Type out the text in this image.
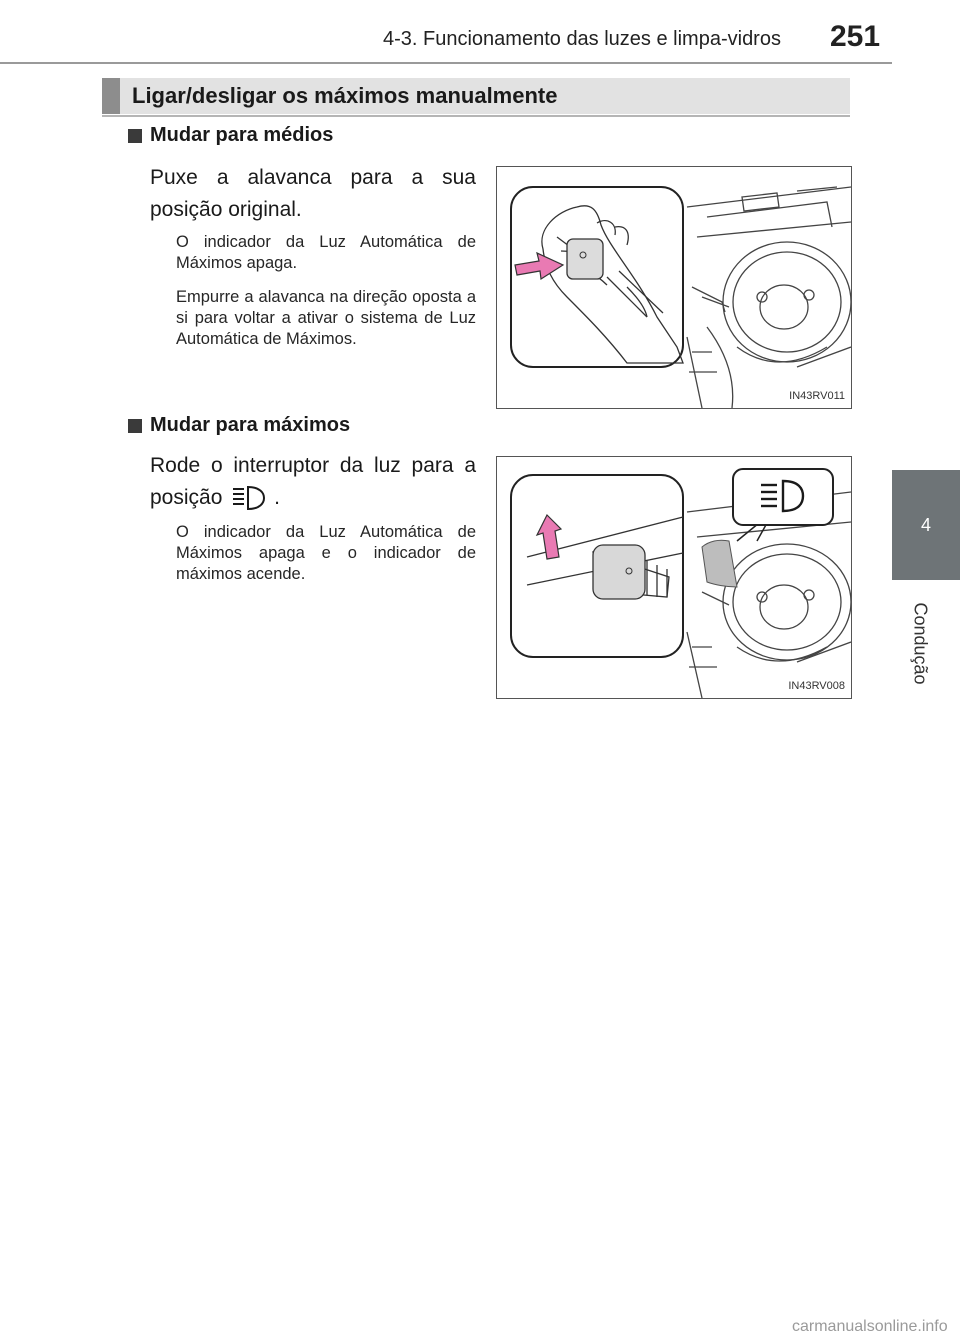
4-3. Funcionamento das luzes e limpa-vidros 251
4
Condução
Ligar/desligar os máximos manualmente
Mudar para médios
Puxe a alavanca para a sua posição original.
O indicador da Luz Automática de Máximos apaga.
Empurre a alavanca na direção oposta a si para voltar a ativar o sistema de Luz Automática de Máximos.
IN43RV011
Mudar para máximos
Rode o interruptor da luz para a posição .
O indicador da Luz Automática de Máximos apaga e o indicador de máximos acende.
IN43RV008
carmanualsonline.info
